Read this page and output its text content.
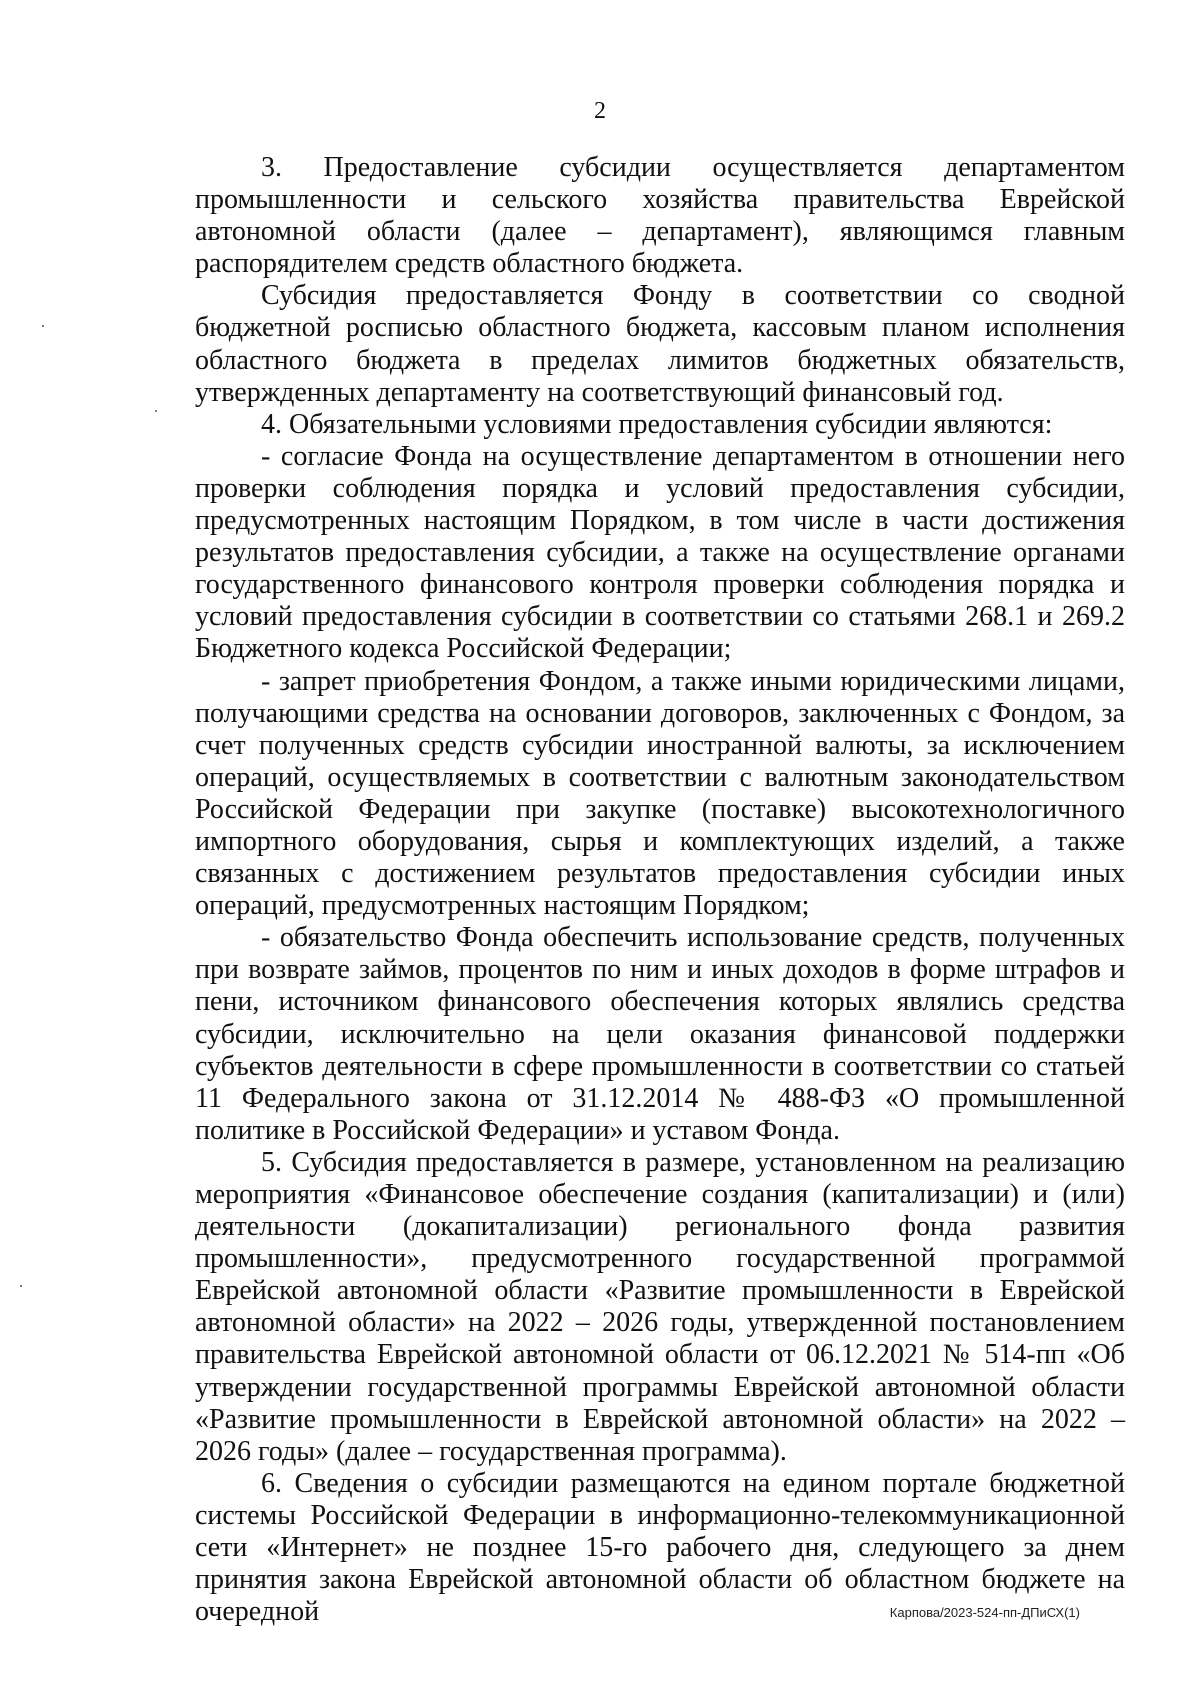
2

3. Предоставление субсидии осуществляется департаментом промышленности и сельского хозяйства правительства Еврейской автономной области (далее – департамент), являющимся главным распорядителем средств областного бюджета.

Субсидия предоставляется Фонду в соответствии со сводной бюджетной росписью областного бюджета, кассовым планом исполнения областного бюджета в пределах лимитов бюджетных обязательств, утвержденных департаменту на соответствующий финансовый год.

4. Обязательными условиями предоставления субсидии являются:

- согласие Фонда на осуществление департаментом в отношении него проверки соблюдения порядка и условий предоставления субсидии, предусмотренных настоящим Порядком, в том числе в части достижения результатов предоставления субсидии, а также на осуществление органами государственного финансового контроля проверки соблюдения порядка и условий предоставления субсидии в соответствии со статьями 268.1 и 269.2 Бюджетного кодекса Российской Федерации;

- запрет приобретения Фондом, а также иными юридическими лицами, получающими средства на основании договоров, заключенных с Фондом, за счет полученных средств субсидии иностранной валюты, за исключением операций, осуществляемых в соответствии с валютным законодательством Российской Федерации при закупке (поставке) высокотехнологичного импортного оборудования, сырья и комплектующих изделий, а также связанных с достижением результатов предоставления субсидии иных операций, предусмотренных настоящим Порядком;

- обязательство Фонда обеспечить использование средств, полученных при возврате займов, процентов по ним и иных доходов в форме штрафов и пени, источником финансового обеспечения которых являлись средства субсидии, исключительно на цели оказания финансовой поддержки субъектов деятельности в сфере промышленности в соответствии со статьей 11 Федерального закона от 31.12.2014 № 488-ФЗ «О промышленной политике в Российской Федерации» и уставом Фонда.

5. Субсидия предоставляется в размере, установленном на реализацию мероприятия «Финансовое обеспечение создания (капитализации) и (или) деятельности (докапитализации) регионального фонда развития промышленности», предусмотренного государственной программой Еврейской автономной области «Развитие промышленности в Еврейской автономной области» на 2022 – 2026 годы, утвержденной постановлением правительства Еврейской автономной области от 06.12.2021 № 514-пп «Об утверждении государственной программы Еврейской автономной области «Развитие промышленности в Еврейской автономной области» на 2022 – 2026 годы» (далее – государственная программа).

6. Сведения о субсидии размещаются на едином портале бюджетной системы Российской Федерации в информационно-телекоммуникационной сети «Интернет» не позднее 15-го рабочего дня, следующего за днем принятия закона Еврейской автономной области об областном бюджете на очередной	Карпова/2023-524-пп-ДПиСХ(1)
